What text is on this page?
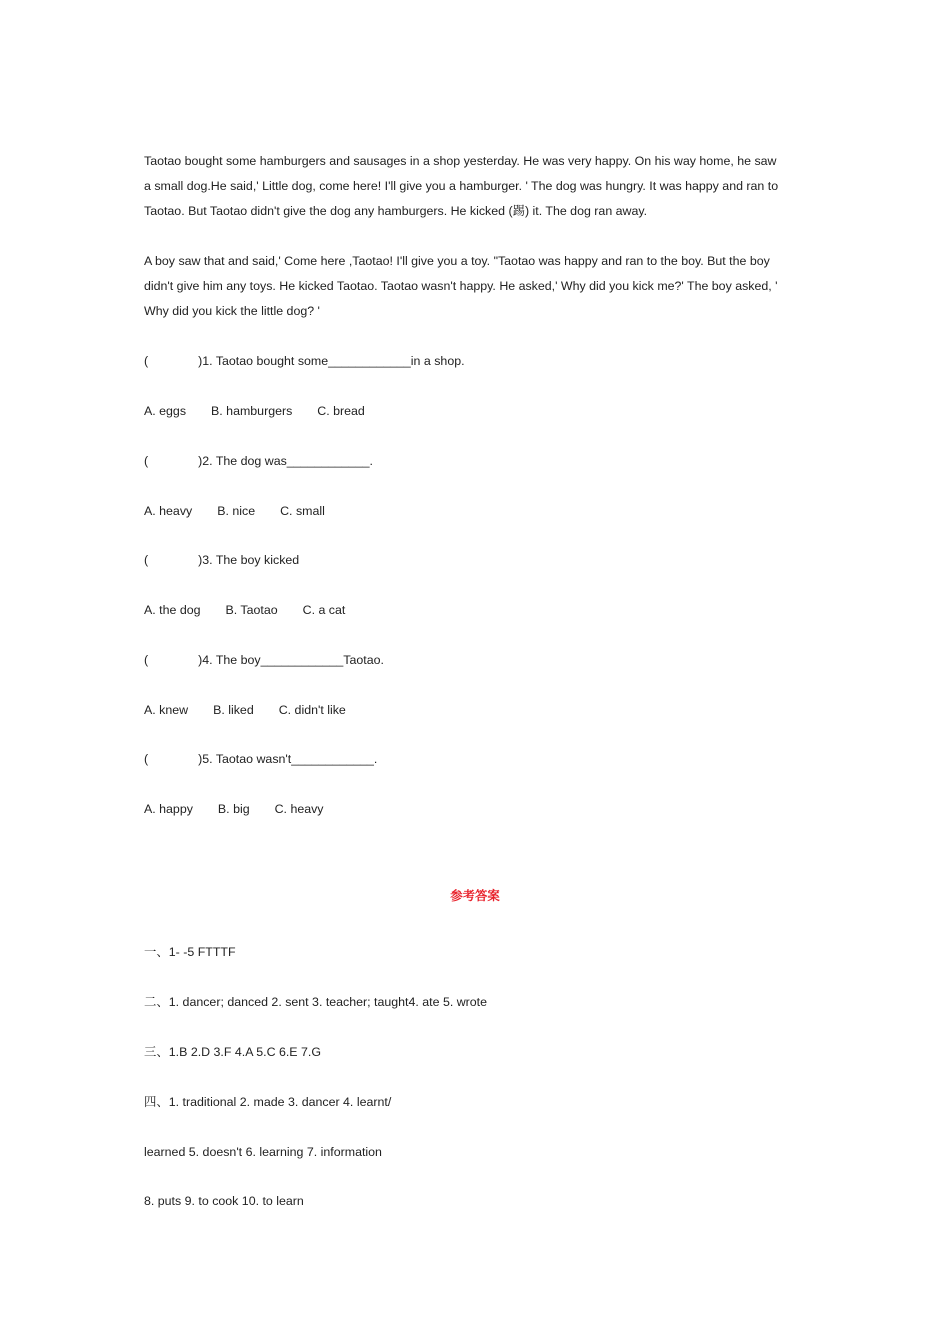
Taotao bought some hamburgers and sausages in a shop yesterday. He was very happy. On his way home, he saw
a small dog.He said,' Little dog, come here! I'll give you a hamburger. ' The dog was hungry. It was happy and ran to
Taotao. But Taotao didn't give the dog any hamburgers. He kicked (踢) it. The dog ran away.
A boy saw that and said,' Come here ,Taotao! I'll give you a toy. "Taotao was happy and ran to the boy. But the boy
didn't give him any toys. He kicked Taotao. Taotao wasn't happy. He asked,' Why did you kick me?' The boy asked, '
Why did you kick the little dog? '
(	)1. Taotao bought some____________in a shop.
A. eggs B. hamburgers C. bread
(	)2. The dog was____________.
A. heavy B. nice C. small
(	)3. The boy kicked
A. the dog B. Taotao C. a cat
(	)4. The boy____________Taotao.
A. knew B. liked C. didn't like
(	)5. Taotao wasn't____________.
A. happy B. big C. heavy
参考答案
一、1- -5 FTTTF
二、1. dancer; danced 2. sent 3. teacher; taught4. ate 5. wrote
三、1.B 2.D 3.F 4.A 5.C 6.E 7.G
四、1. traditional 2. made 3. dancer 4. learnt/
learned 5. doesn't 6. learning 7. information
8. puts 9. to cook 10. to learn
